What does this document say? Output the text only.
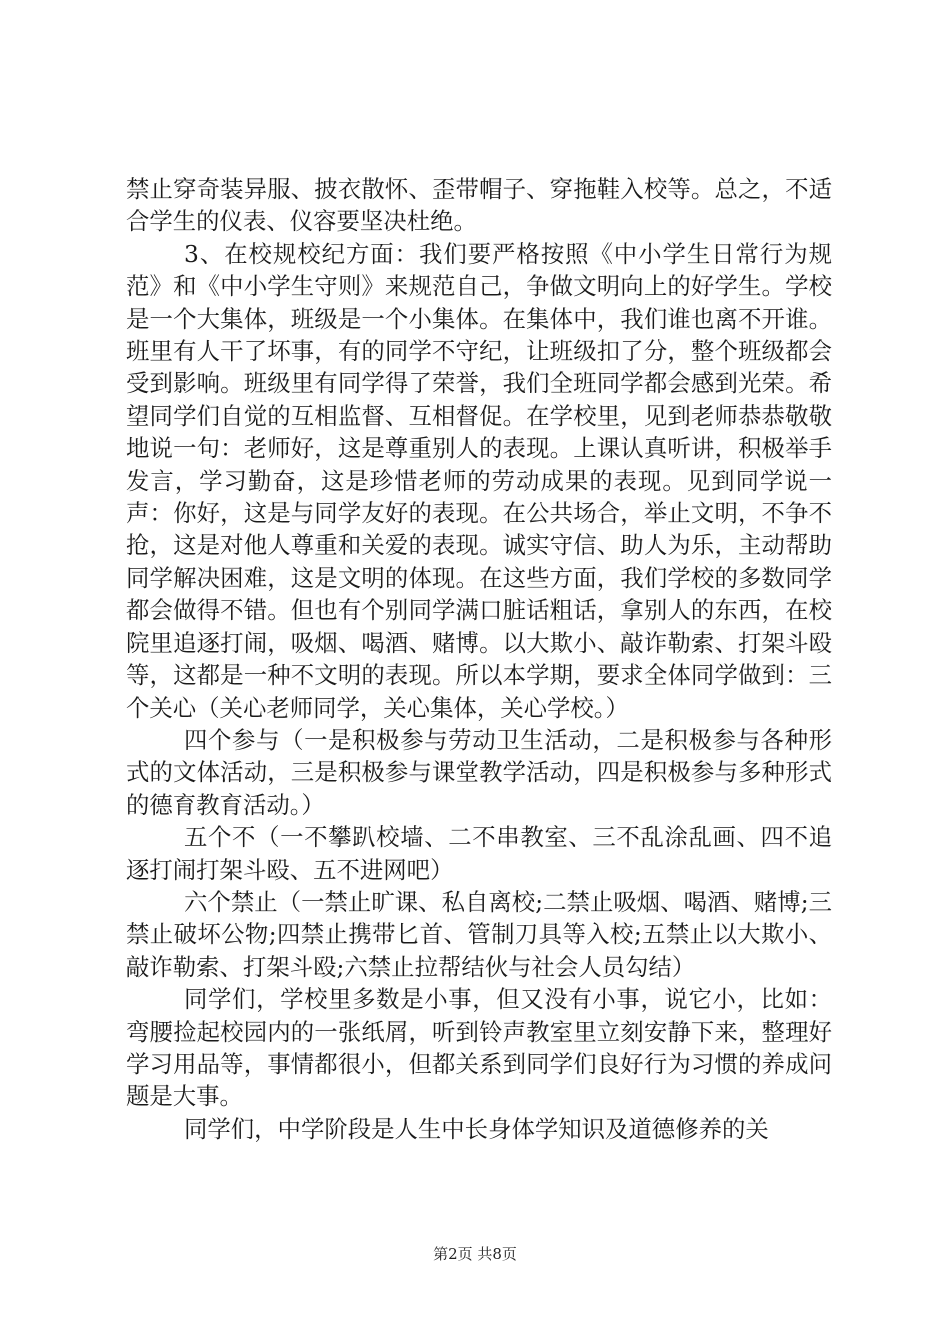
禁止穿奇装异服、披衣散怀、歪带帽子、穿拖鞋入校等。总之，不适合学生的仪表、仪容要坚决杜绝。

3、在校规校纪方面：我们要严格按照《中小学生日常行为规范》和《中小学生守则》来规范自己，争做文明向上的好学生。学校是一个大集体，班级是一个小集体。在集体中，我们谁也离不开谁。班里有人干了坏事，有的同学不守纪，让班级扣了分，整个班级都会受到影响。班级里有同学得了荣誉，我们全班同学都会感到光荣。希望同学们自觉的互相监督、互相督促。在学校里，见到老师恭恭敬敬地说一句：老师好，这是尊重别人的表现。上课认真听讲，积极举手发言，学习勤奋，这是珍惜老师的劳动成果的表现。见到同学说一声：你好，这是与同学友好的表现。在公共场合，举止文明，不争不抢，这是对他人尊重和关爱的表现。诚实守信、助人为乐，主动帮助同学解决困难，这是文明的体现。在这些方面，我们学校的多数同学都会做得不错。但也有个别同学满口脏话粗话，拿别人的东西，在校院里追逐打闹，吸烟、喝酒、赌博。以大欺小、敲诈勒索、打架斗殴等，这都是一种不文明的表现。所以本学期，要求全体同学做到：三个关心（关心老师同学，关心集体，关心学校。）

四个参与（一是积极参与劳动卫生活动，二是积极参与各种形式的文体活动，三是积极参与课堂教学活动，四是积极参与多种形式的德育教育活动。）

五个不（一不攀趴校墙、二不串教室、三不乱涂乱画、四不追逐打闹打架斗殴、五不进网吧）

六个禁止（一禁止旷课、私自离校;二禁止吸烟、喝酒、赌博;三禁止破坏公物;四禁止携带匕首、管制刀具等入校;五禁止以大欺小、敲诈勒索、打架斗殴;六禁止拉帮结伙与社会人员勾结）

同学们，学校里多数是小事，但又没有小事，说它小，比如：弯腰捡起校园内的一张纸屑，听到铃声教室里立刻安静下来，整理好学习用品等，事情都很小，但都关系到同学们良好行为习惯的养成问题是大事。

同学们，中学阶段是人生中长身体学知识及道德修养的关

第2页 共8页
